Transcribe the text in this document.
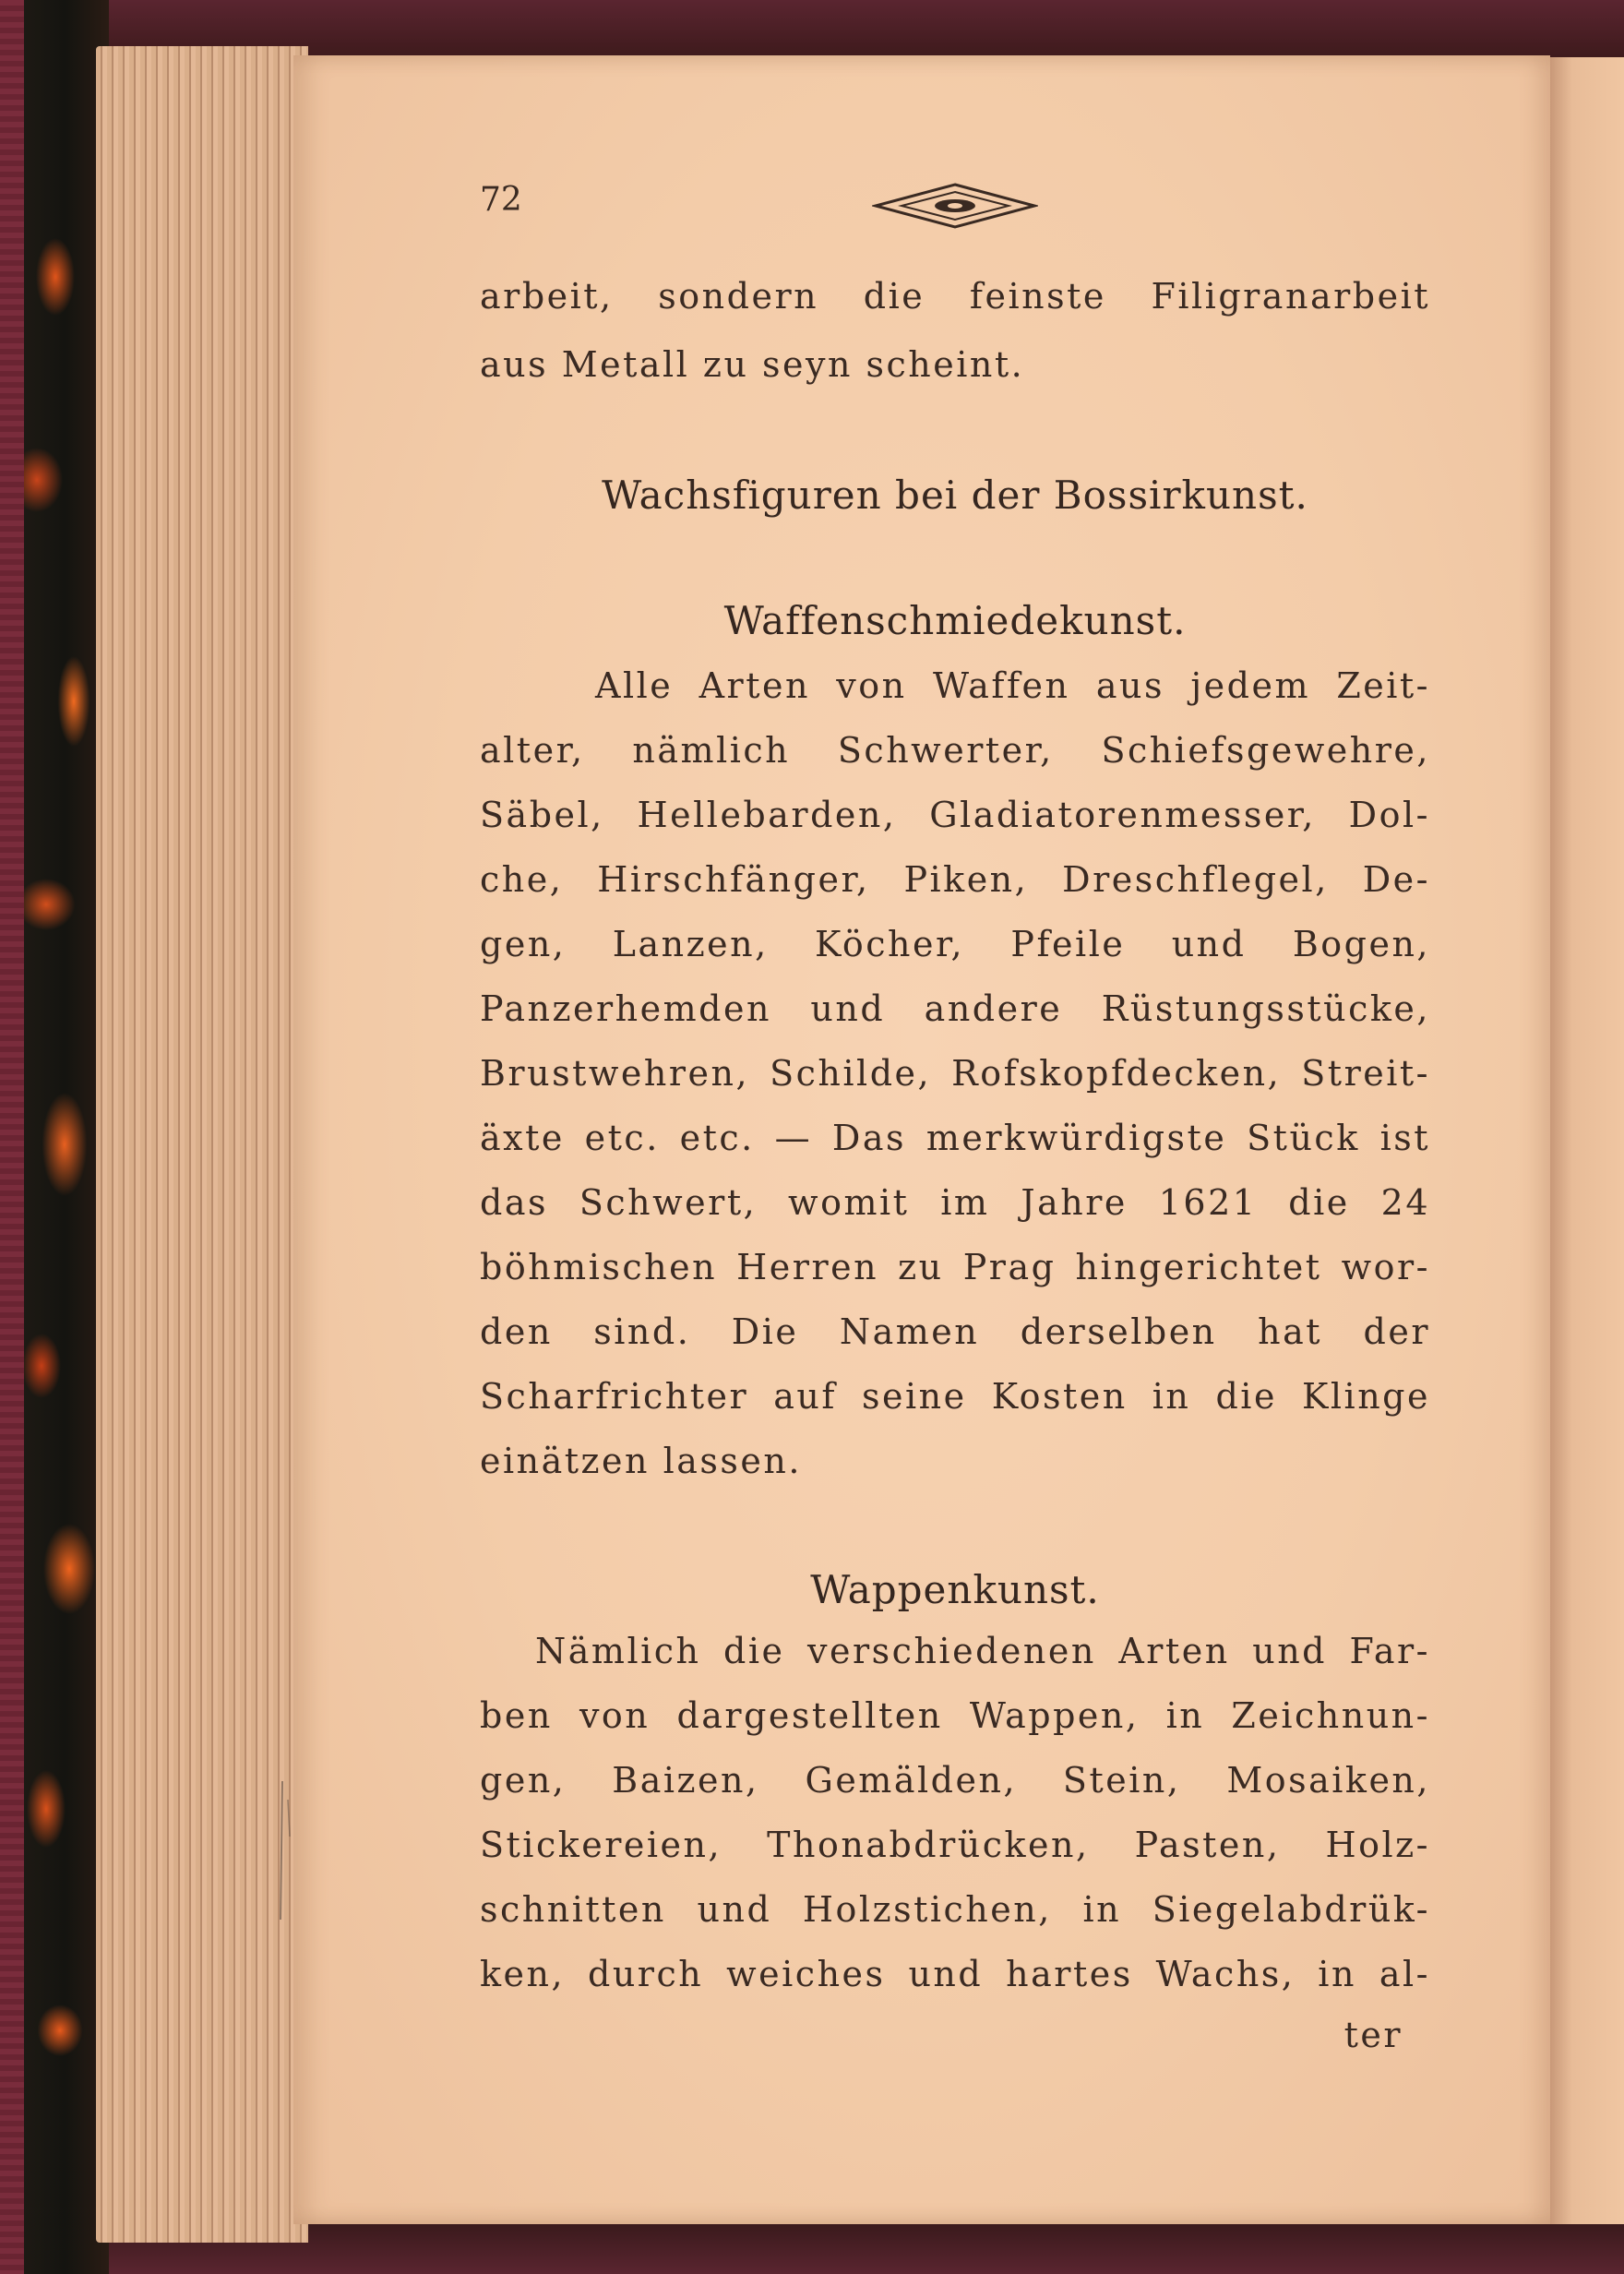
72
arbeit, sondern die feinste Filigranarbeit
aus Metall zu seyn scheint.
Wachsfiguren bei der Bossirkunst.
Waffenschmiedekunst.
Alle Arten von Waffen aus jedem Zeit-
alter, nämlich Schwerter, Schiefsgewehre,
Säbel, Hellebarden, Gladiatorenmesser, Dol-
che, Hirschfänger, Piken, Dreschflegel, De-
gen, Lanzen, Köcher, Pfeile und Bogen,
Panzerhemden und andere Rüstungsstücke,
Brustwehren, Schilde, Rofskopfdecken, Streit-
äxte etc. etc. — Das merkwürdigste Stück ist
das Schwert, womit im Jahre 1621 die 24
böhmischen Herren zu Prag hingerichtet wor-
den sind. Die Namen derselben hat der
Scharfrichter auf seine Kosten in die Klinge
einätzen lassen.
Wappenkunst.
Nämlich die verschiedenen Arten und Far-
ben von dargestellten Wappen, in Zeichnun-
gen, Baizen, Gemälden, Stein, Mosaiken,
Stickereien, Thonabdrücken, Pasten, Holz-
schnitten und Holzstichen, in Siegelabdrük-
ken, durch weiches und hartes Wachs, in al-
ter
